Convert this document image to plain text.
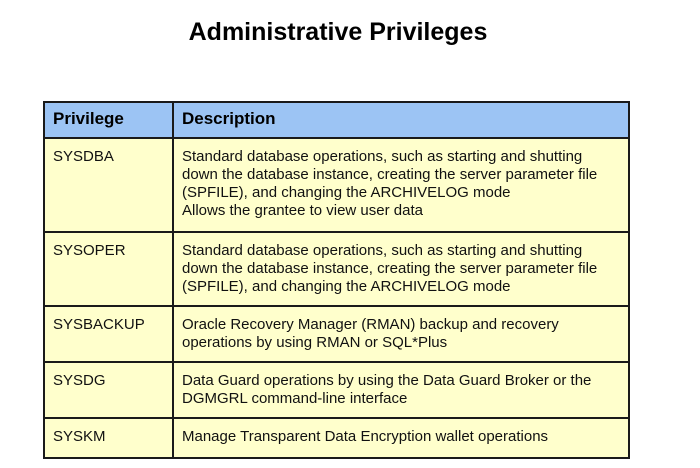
Administrative Privileges
Privilege	Description
SYSDBA	Standard database operations, such as starting and shutting
down the database instance, creating the server parameter file
(SPFILE), and changing the ARCHIVELOG mode
Allows the grantee to view user data

SYSOPER	Standard database operations, such as starting and shutting
down the database instance, creating the server parameter file
(SPFILE), and changing the ARCHIVELOG mode

SYSBACKUP	Oracle Recovery Manager (RMAN) backup and recovery
operations by using RMAN or SQL*Plus

SYSDG	Data Guard operations by using the Data Guard Broker or the
DGMGRL command-line interface

SYSKM	Manage Transparent Data Encryption wallet operations
